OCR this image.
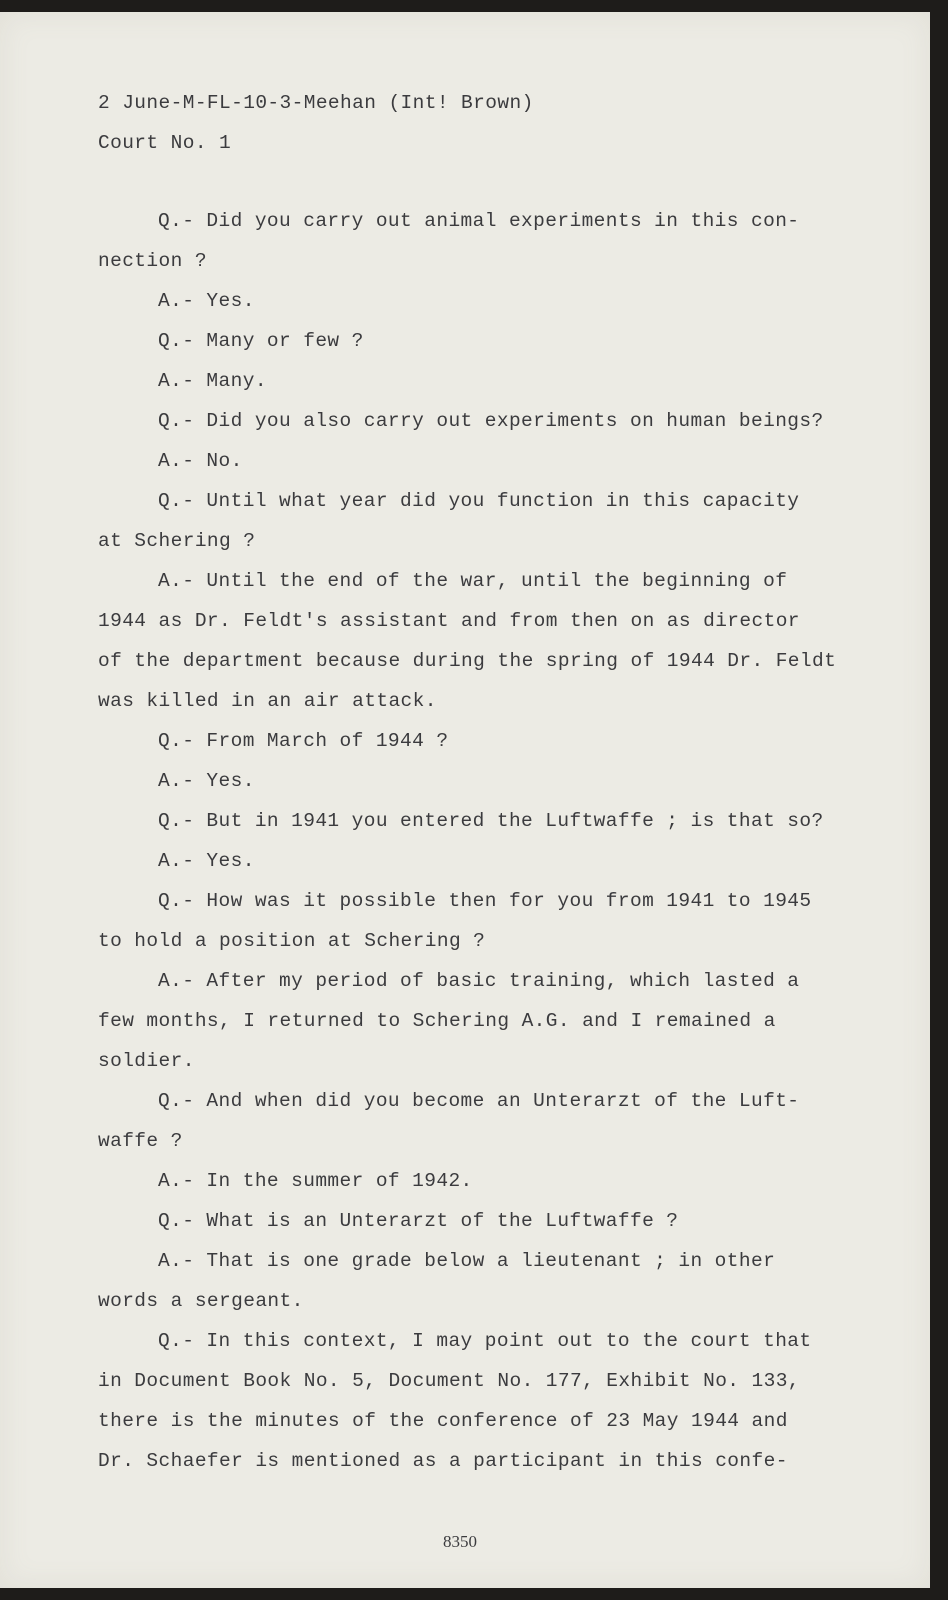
2 June-M-FL-10-3-Meehan (Int! Brown)
Court No. 1
Q.- Did you carry out animal experiments in this con-
nection ?
A.- Yes.
Q.- Many or few ?
A.- Many.
Q.- Did you also carry out experiments on human beings?
A.- No.
Q.- Until what year did you function in this capacity
at Schering ?
A.- Until the end of the war, until the beginning of
1944 as Dr. Feldt's assistant and from then on as director
of the department because during the spring of 1944 Dr. Feldt
was killed in an air attack.
Q.- From March of 1944 ?
A.- Yes.
Q.- But in 1941 you entered the Luftwaffe ; is that so?
A.- Yes.
Q.- How was it possible then for you from 1941 to 1945
to hold a position at Schering ?
A.- After my period of basic training, which lasted a
few months, I returned to Schering A.G. and I remained a
soldier.
Q.- And when did you become an Unterarzt of the Luft-
waffe ?
A.- In the summer of 1942.
Q.- What is an Unterarzt of the Luftwaffe ?
A.- That is one grade below a lieutenant ; in other
words a sergeant.
Q.- In this context, I may point out to the court that
in Document Book No. 5, Document No. 177, Exhibit No. 133,
there is the minutes of the conference of 23 May 1944 and
Dr. Schaefer is mentioned as a participant in this confe-
8350
